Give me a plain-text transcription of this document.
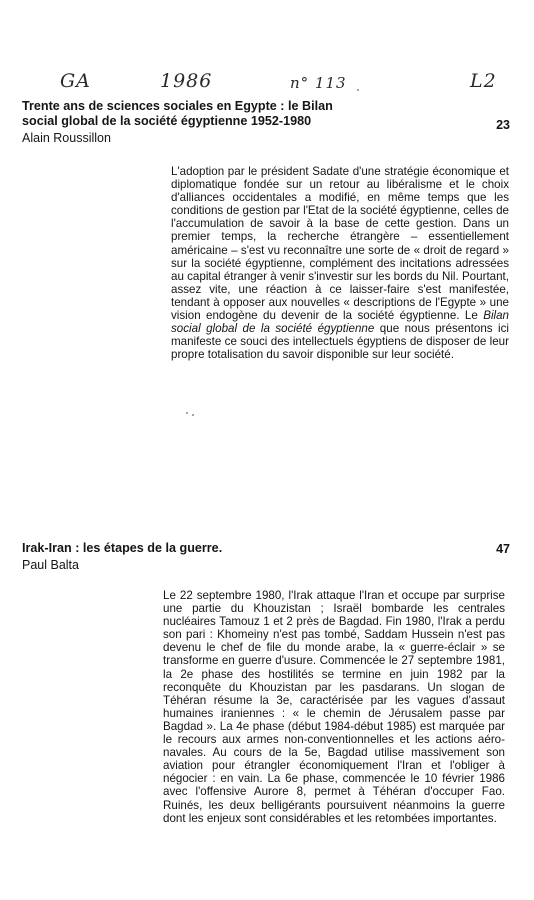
GA	1986	n° 113	L2
Trente ans de sciences sociales en Egypte : le Bilan
social global de la société égyptienne 1952-1980	23
Alain Roussillon

L'adoption par le président Sadate d'une stratégie économique et diplomatique fondée sur un retour au libéralisme et le choix d'alliances occidentales a modifié, en même temps que les conditions de gestion par l'Etat de la société égyptienne, celles de l'accumulation de savoir à la base de cette gestion. Dans un premier temps, la recherche étrangère – essentiellement américaine – s'est vu reconnaître une sorte de « droit de regard » sur la société égyptienne, complément des incitations adressées au capital étranger à venir s'investir sur les bords du Nil. Pourtant, assez vite, une réaction à ce laisser-faire s'est manifestée, tendant à opposer aux nouvelles « descriptions de l'Egypte » une vision endogène du devenir de la société égyptienne. Le Bilan social global de la société égyptienne que nous présentons ici manifeste ce souci des intellectuels égyptiens de disposer de leur propre totalisation du savoir disponible sur leur société.

Irak-Iran : les étapes de la guerre.	47
Paul Balta

Le 22 septembre 1980, l'Irak attaque l'Iran et occupe par surprise une partie du Khouzistan ; Israël bombarde les centrales nucléaires Tamouz 1 et 2 près de Bagdad. Fin 1980, l'Irak a perdu son pari : Khomeiny n'est pas tombé, Saddam Hussein n'est pas devenu le chef de file du monde arabe, la « guerre-éclair » se transforme en guerre d'usure. Commencée le 27 septembre 1981, la 2e phase des hostilités se termine en juin 1982 par la reconquête du Khouzistan par les pasdarans. Un slogan de Téhéran résume la 3e, caractérisée par les vagues d'assaut humaines iraniennes : « le chemin de Jérusalem passe par Bagdad ». La 4e phase (début 1984-début 1985) est marquée par le recours aux armes non-conventionnelles et les actions aéro-navales. Au cours de la 5e, Bagdad utilise massivement son aviation pour étrangler économiquement l'Iran et l'obliger à négocier : en vain. La 6e phase, commencée le 10 février 1986 avec l'offensive Aurore 8, permet à Téhéran d'occuper Fao. Ruinés, les deux belligérants poursuivent néanmoins la guerre dont les enjeux sont considérables et les retombées importantes.
